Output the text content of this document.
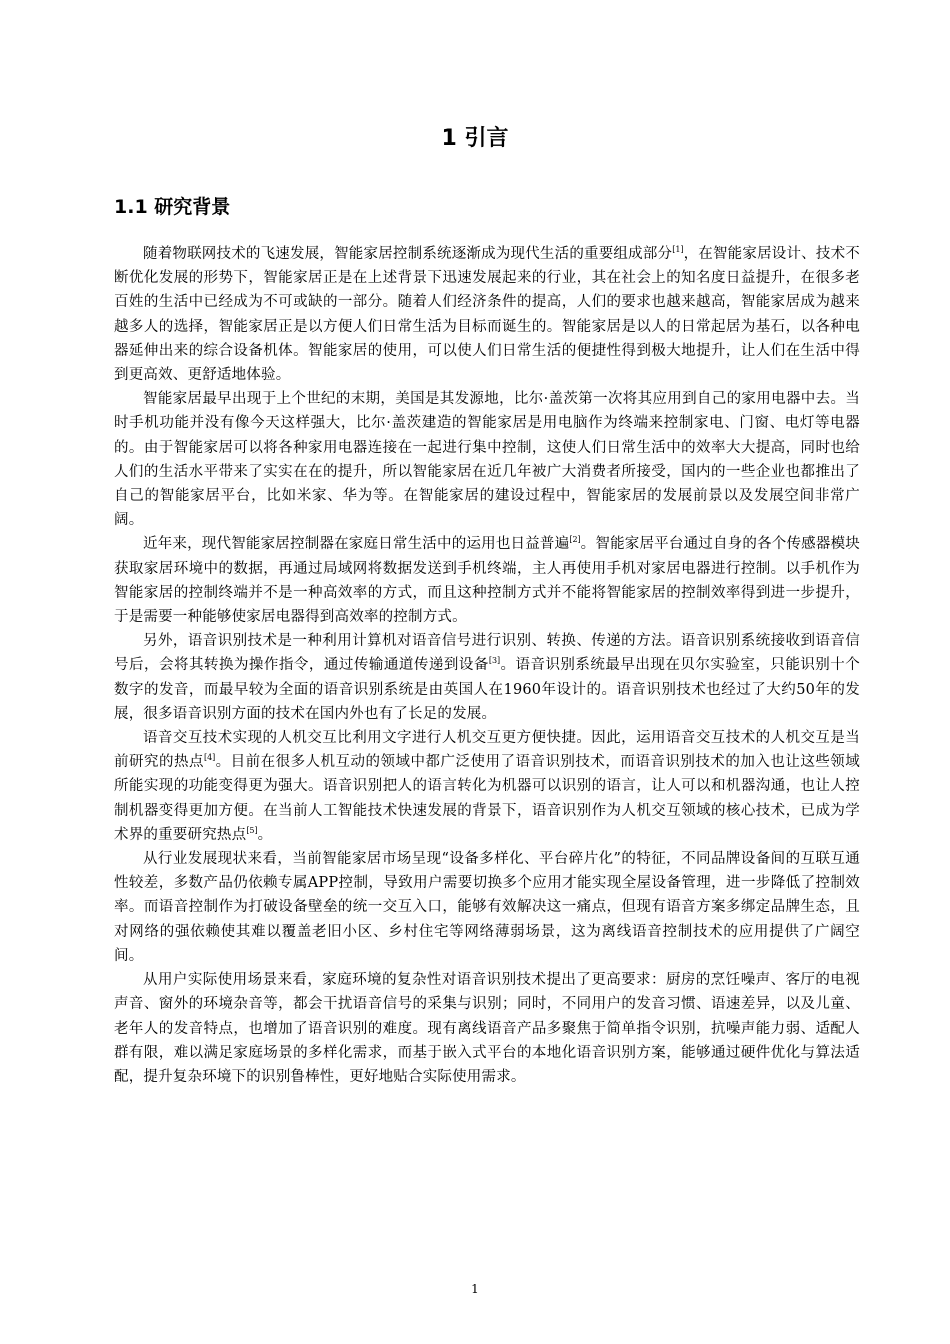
1 引言
1.1 研究背景

随着物联网技术的飞速发展，智能家居控制系统逐渐成为现代生活的重要组成部分[1]，在智能家居设计、技术不断优化发展的形势下，智能家居正是在上述背景下迅速发展起来的行业，其在社会上的知名度日益提升，在很多老百姓的生活中已经成为不可或缺的一部分。随着人们经济条件的提高，人们的要求也越来越高，智能家居成为越来越多人的选择，智能家居正是以方便人们日常生活为目标而诞生的。智能家居是以人的日常起居为基石，以各种电器延伸出来的综合设备机体。智能家居的使用，可以使人们日常生活的便捷性得到极大地提升，让人们在生活中得到更高效、更舒适地体验。

智能家居最早出现于上个世纪的末期，美国是其发源地，比尔·盖茨第一次将其应用到自己的家用电器中去。当时手机功能并没有像今天这样强大，比尔·盖茨建造的智能家居是用电脑作为终端来控制家电、门窗、电灯等电器的。由于智能家居可以将各种家用电器连接在一起进行集中控制，这使人们日常生活中的效率大大提高，同时也给人们的生活水平带来了实实在在的提升，所以智能家居在近几年被广大消费者所接受，国内的一些企业也都推出了自己的智能家居平台，比如米家、华为等。在智能家居的建设过程中，智能家居的发展前景以及发展空间非常广阔。

近年来，现代智能家居控制器在家庭日常生活中的运用也日益普遍[2]。智能家居平台通过自身的各个传感器模块获取家居环境中的数据，再通过局域网将数据发送到手机终端，主人再使用手机对家居电器进行控制。以手机作为智能家居的控制终端并不是一种高效率的方式，而且这种控制方式并不能将智能家居的控制效率得到进一步提升，于是需要一种能够使家居电器得到高效率的控制方式。

另外，语音识别技术是一种利用计算机对语音信号进行识别、转换、传递的方法。语音识别系统接收到语音信号后，会将其转换为操作指令，通过传输通道传递到设备[3]。语音识别系统最早出现在贝尔实验室，只能识别十个数字的发音，而最早较为全面的语音识别系统是由英国人在1960年设计的。语音识别技术也经过了大约50年的发展，很多语音识别方面的技术在国内外也有了长足的发展。

语音交互技术实现的人机交互比利用文字进行人机交互更方便快捷。因此，运用语音交互技术的人机交互是当前研究的热点[4]。目前在很多人机互动的领域中都广泛使用了语音识别技术，而语音识别技术的加入也让这些领域所能实现的功能变得更为强大。语音识别把人的语言转化为机器可以识别的语言，让人可以和机器沟通，也让人控制机器变得更加方便。在当前人工智能技术快速发展的背景下，语音识别作为人机交互领域的核心技术，已成为学术界的重要研究热点[5]。

从行业发展现状来看，当前智能家居市场呈现“设备多样化、平台碎片化”的特征，不同品牌设备间的互联互通性较差，多数产品仍依赖专属APP控制，导致用户需要切换多个应用才能实现全屋设备管理，进一步降低了控制效率。而语音控制作为打破设备壁垒的统一交互入口，能够有效解决这一痛点，但现有语音方案多绑定品牌生态，且对网络的强依赖使其难以覆盖老旧小区、乡村住宅等网络薄弱场景，这为离线语音控制技术的应用提供了广阔空间。

从用户实际使用场景来看，家庭环境的复杂性对语音识别技术提出了更高要求：厨房的烹饪噪声、客厅的电视声音、窗外的环境杂音等，都会干扰语音信号的采集与识别；同时，不同用户的发音习惯、语速差异，以及儿童、老年人的发音特点，也增加了语音识别的难度。现有离线语音产品多聚焦于简单指令识别，抗噪声能力弱、适配人群有限，难以满足家庭场景的多样化需求，而基于嵌入式平台的本地化语音识别方案，能够通过硬件优化与算法适配，提升复杂环境下的识别鲁棒性，更好地贴合实际使用需求。

1
